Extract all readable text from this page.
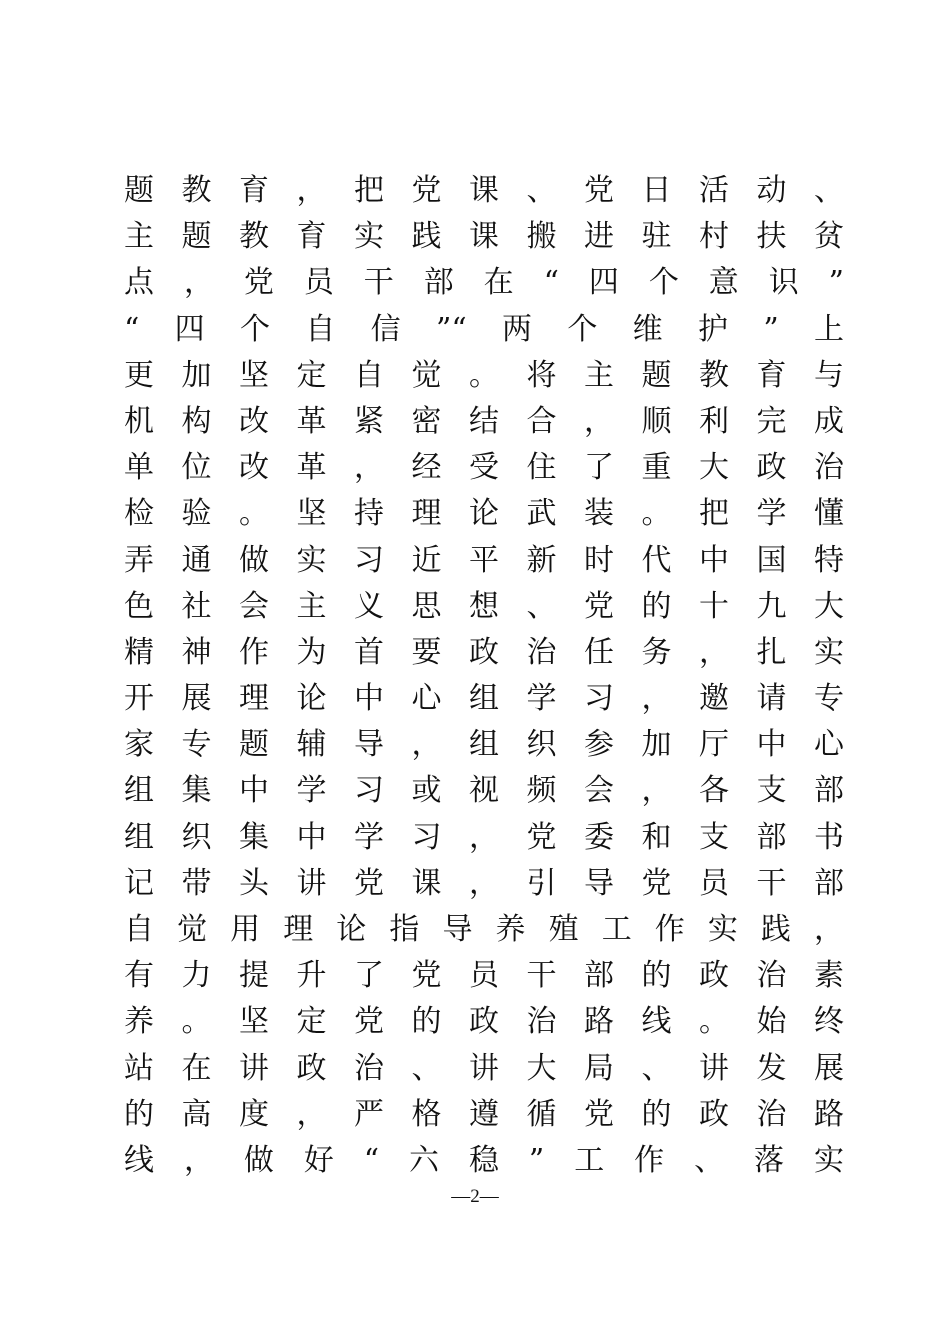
题教育，把党课、党日活动、
主题教育实践课搬进驻村扶贫
点，党员干部在“四个意识”
“四个自信”“两个维护”上
更加坚定自觉。将主题教育与
机构改革紧密结合，顺利完成
单位改革，经受住了重大政治
检验。坚持理论武装。把学懂
弄通做实习近平新时代中国特
色社会主义思想、党的十九大
精神作为首要政治任务，扎实
开展理论中心组学习，邀请专
家专题辅导，组织参加厅中心
组集中学习或视频会，各支部
组织集中学习，党委和支部书
记带头讲党课，引导党员干部
自觉用理论指导养殖工作实践，
有力提升了党员干部的政治素
养。坚定党的政治路线。始终
站在讲政治、讲大局、讲发展
的高度，严格遵循党的政治路
线，做好“六稳”工作、落实
—2—
